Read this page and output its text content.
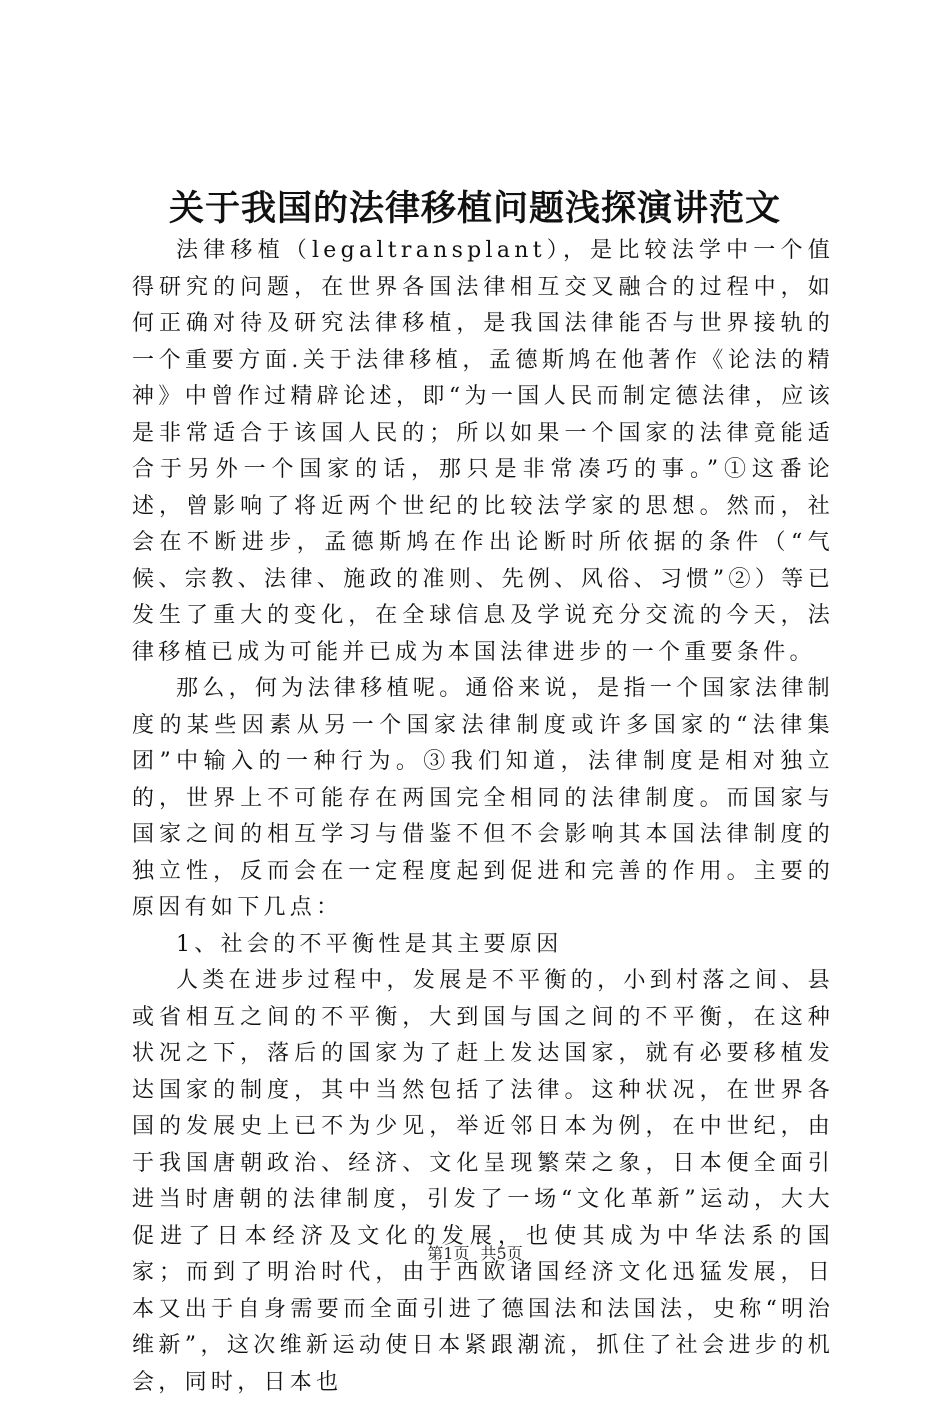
关于我国的法律移植问题浅探演讲范文

法律移植（legaltransplant），是比较法学中一个值得研究的问题，在世界各国法律相互交叉融合的过程中，如何正确对待及研究法律移植，是我国法律能否与世界接轨的一个重要方面.关于法律移植，孟德斯鸠在他著作《论法的精神》中曾作过精辟论述，即“为一国人民而制定德法律，应该是非常适合于该国人民的；所以如果一个国家的法律竟能适合于另外一个国家的话，那只是非常凑巧的事。”①这番论述，曾影响了将近两个世纪的比较法学家的思想。然而，社会在不断进步，孟德斯鸠在作出论断时所依据的条件（“气候、宗教、法律、施政的准则、先例、风俗、习惯”②）等已发生了重大的变化，在全球信息及学说充分交流的今天，法律移植已成为可能并已成为本国法律进步的一个重要条件。

那么，何为法律移植呢。通俗来说，是指一个国家法律制度的某些因素从另一个国家法律制度或许多国家的“法律集团”中输入的一种行为。③我们知道，法律制度是相对独立的，世界上不可能存在两国完全相同的法律制度。而国家与国家之间的相互学习与借鉴不但不会影响其本国法律制度的独立性，反而会在一定程度起到促进和完善的作用。主要的原因有如下几点：

1、社会的不平衡性是其主要原因

人类在进步过程中，发展是不平衡的，小到村落之间、县或省相互之间的不平衡，大到国与国之间的不平衡，在这种状况之下，落后的国家为了赶上发达国家，就有必要移植发达国家的制度，其中当然包括了法律。这种状况，在世界各国的发展史上已不为少见，举近邻日本为例，在中世纪，由于我国唐朝政治、经济、文化呈现繁荣之象，日本便全面引进当时唐朝的法律制度，引发了一场“文化革新”运动，大大促进了日本经济及文化的发展，也使其成为中华法系的国家；而到了明治时代，由于西欧诸国经济文化迅猛发展，日本又出于自身需要而全面引进了德国法和法国法，史称“明治维新”，这次维新运动使日本紧跟潮流，抓住了社会进步的机会，同时，日本也

第1页 共5页
